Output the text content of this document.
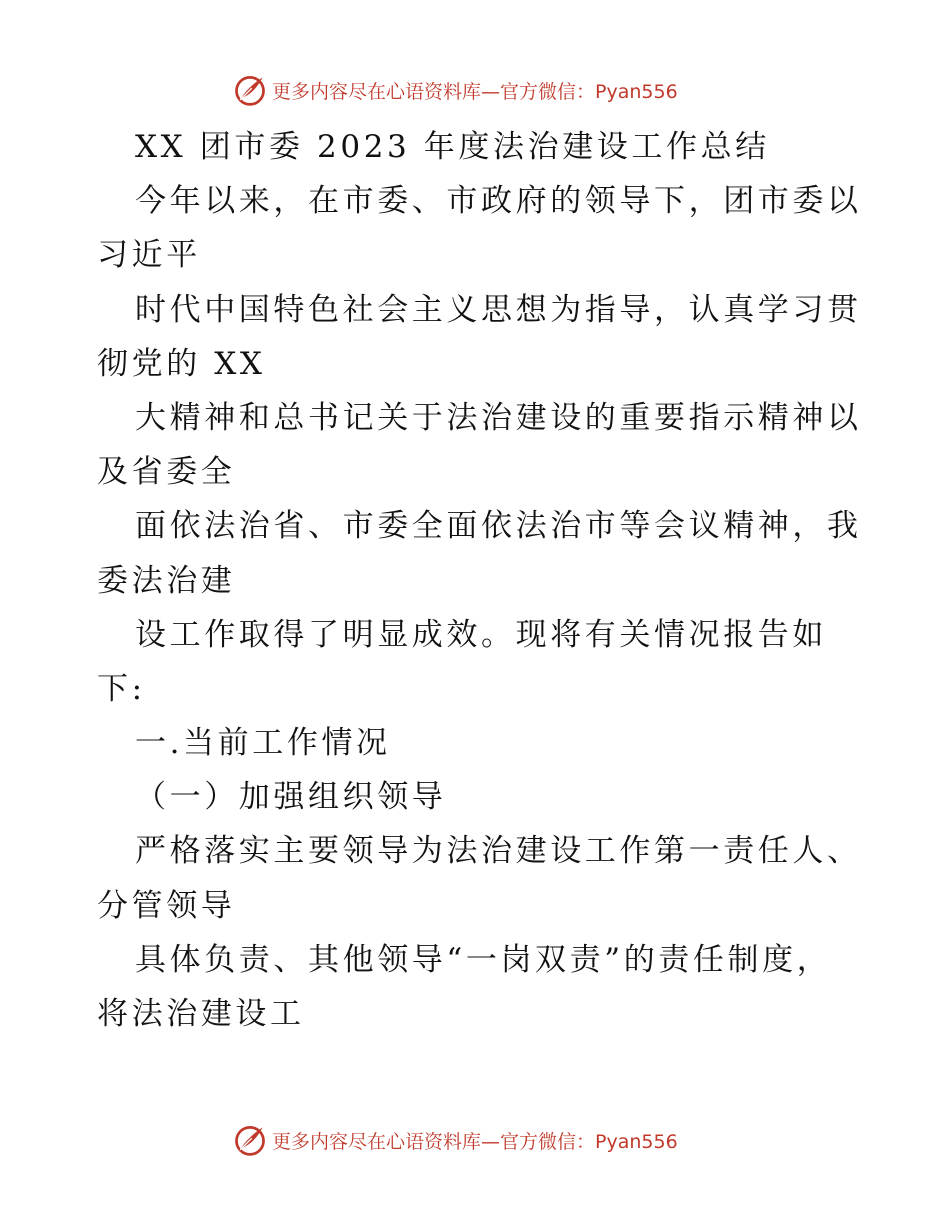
更多内容尽在心语资料库—官方微信：Pyan556
XX 团市委 2023 年度法治建设工作总结
今年以来，在市委、市政府的领导下，团市委以
习近平
时代中国特色社会主义思想为指导，认真学习贯
彻党的 XX
大精神和总书记关于法治建设的重要指示精神以
及省委全
面依法治省、市委全面依法治市等会议精神，我
委法治建
设工作取得了明显成效。现将有关情况报告如
下:
一.当前工作情况
（一）加强组织领导
严格落实主要领导为法治建设工作第一责任人、
分管领导
具体负责、其他领导“一岗双责”的责任制度，
将法治建设工
更多内容尽在心语资料库—官方微信：Pyan556
